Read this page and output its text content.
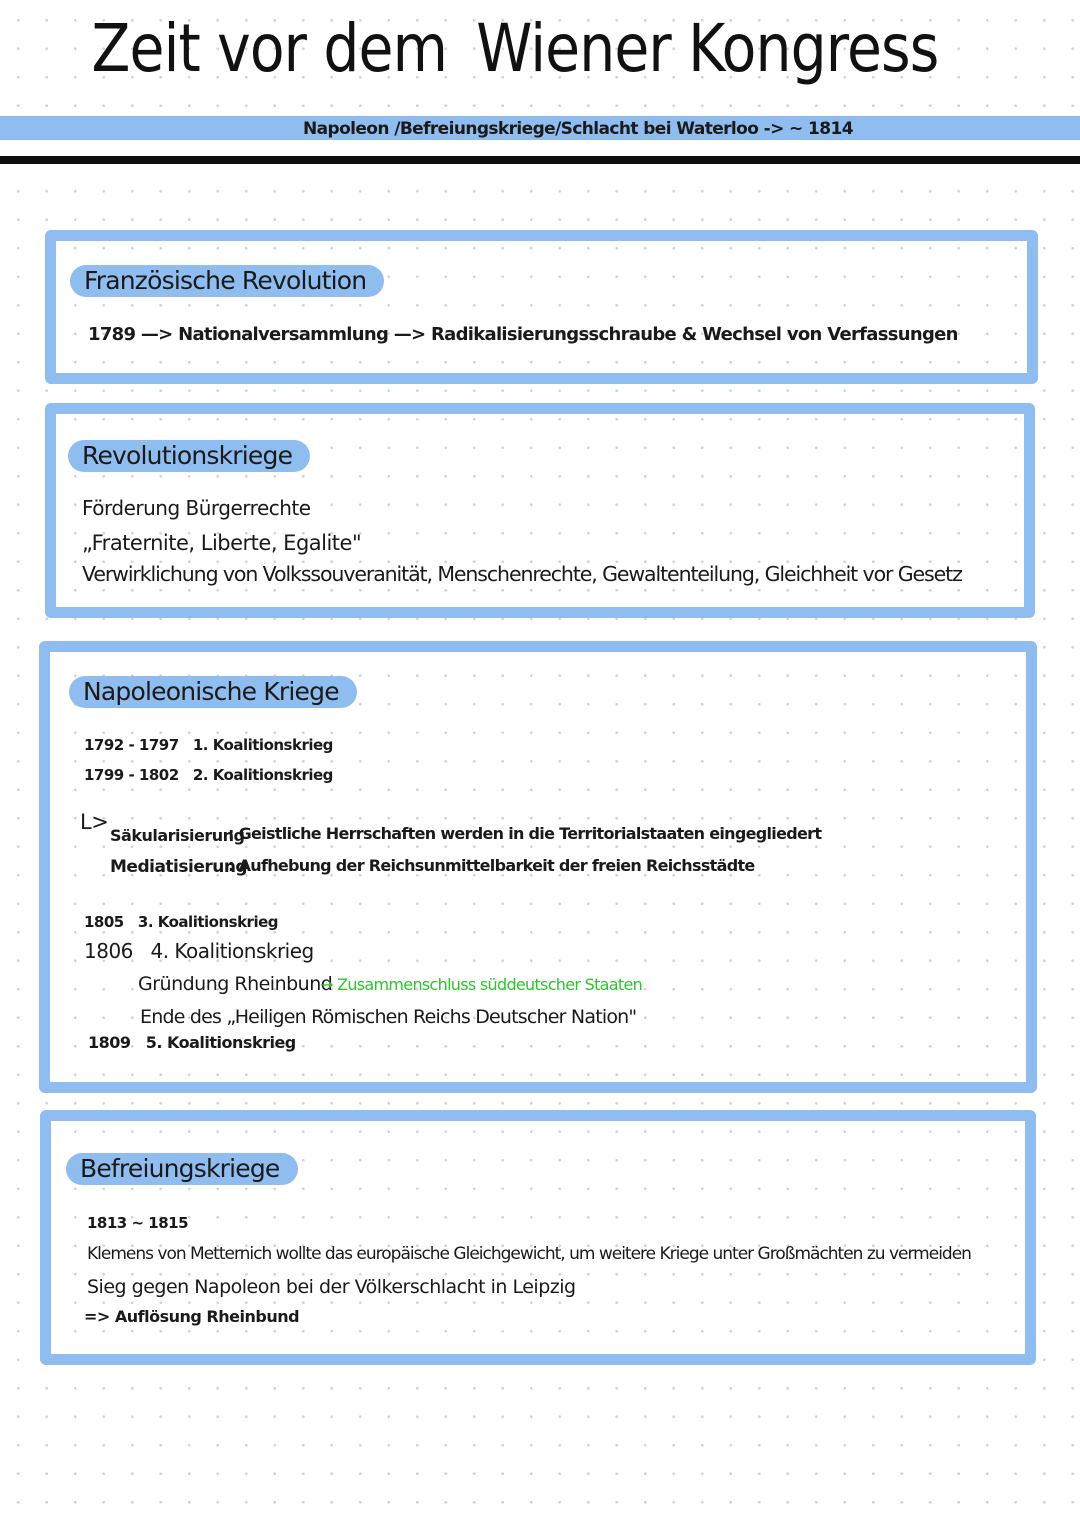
Zeit vor dem Wiener Kongress
Napoleon /Befreiungskriege/Schlacht bei Waterloo -> ~ 1814
Französische Revolution
1789 —> Nationalversammlung —> Radikalisierungsschraube & Wechsel von Verfassungen
Revolutionskriege
Förderung Bürgerrechte
„Fraternite, Liberte, Egalite"
Verwirklichung von Volkssouveranität, Menschenrechte, Gewaltenteilung, Gleichheit vor Gesetz
Napoleonische Kriege
1792 - 1797   1. Koalitionskrieg
1799 - 1802   2. Koalitionskrieg
L>
Säkularisierung
: Geistliche Herrschaften werden in die Territorialstaaten eingegliedert
Mediatisierung
: Aufhebung der Reichsunmittelbarkeit der freien Reichsstädte
1805   3. Koalitionskrieg
1806   4. Koalitionskrieg
Gründung Rheinbund
→ Zusammenschluss süddeutscher Staaten
Ende des „Heiligen Römischen Reichs Deutscher Nation"
1809   5. Koalitionskrieg
Befreiungskriege
1813 ~ 1815
Klemens von Metternich wollte das europäische Gleichgewicht, um weitere Kriege unter Großmächten zu vermeiden
Sieg gegen Napoleon bei der Völkerschlacht in Leipzig
=> Auflösung Rheinbund
